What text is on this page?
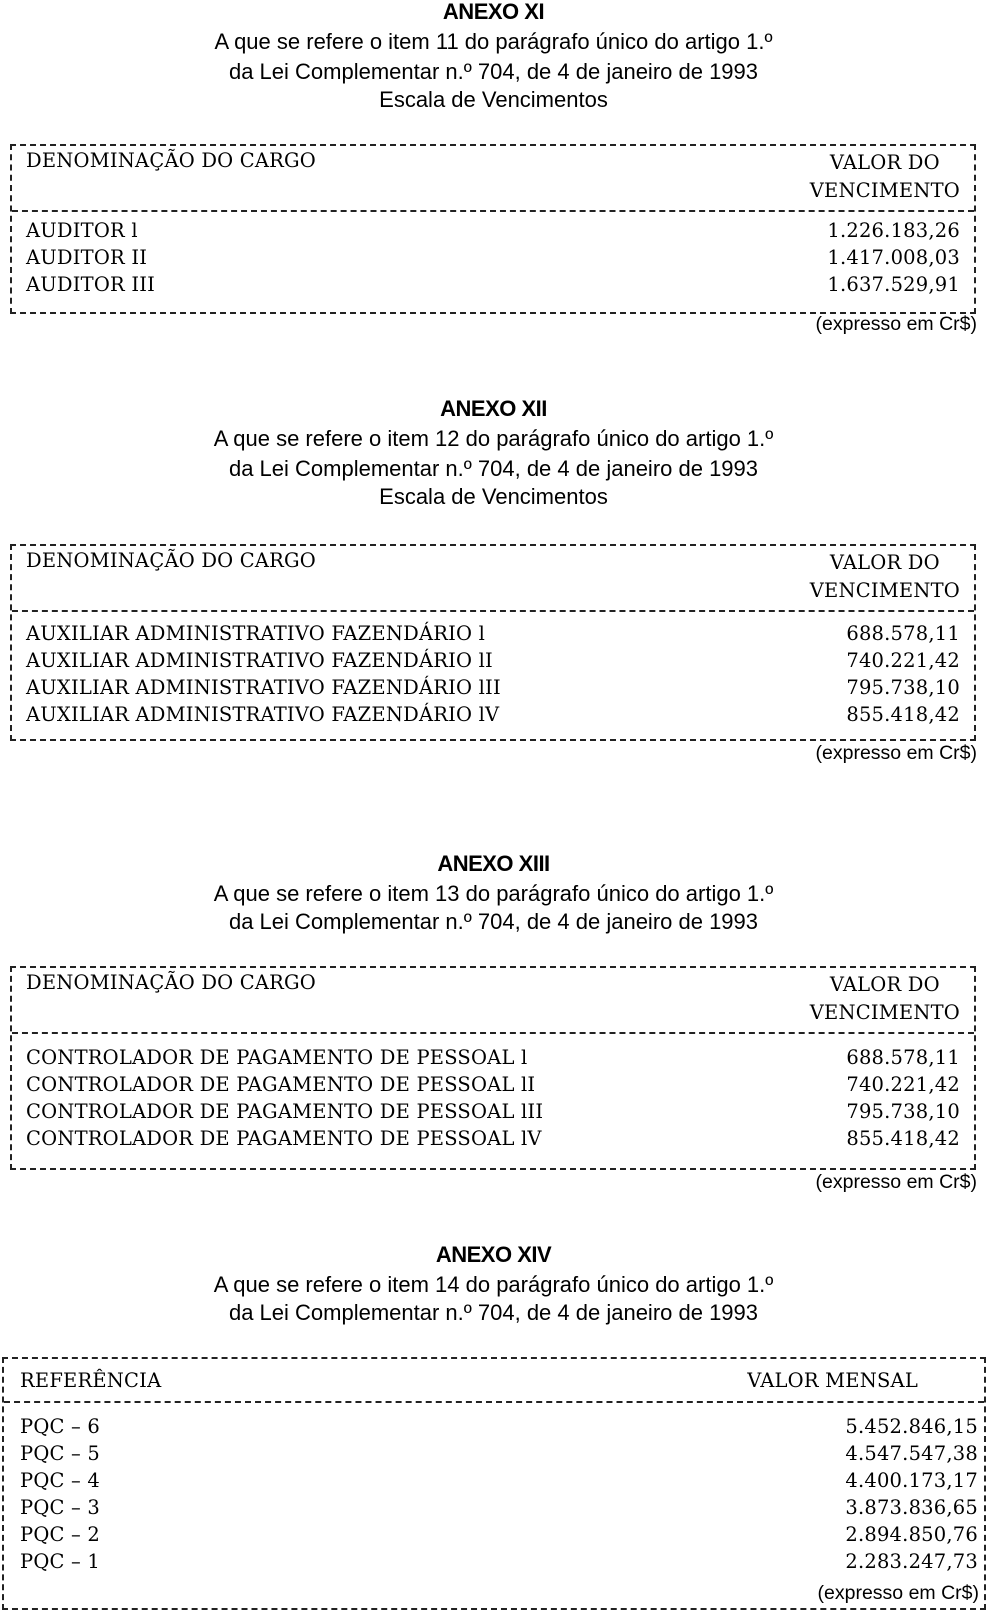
ANEXO XI
A que se refere o item 11 do parágrafo único do artigo 1.º
da Lei Complementar n.º 704, de 4 de janeiro de 1993
Escala de Vencimentos
DENOMINAÇÃO DO CARGO	VALOR DO
VENCIMENTO
AUDITOR l	1.226.183,26
AUDITOR II	1.417.008,03
AUDITOR III	1.637.529,91
(expresso em Cr$)
ANEXO XII
A que se refere o item 12 do parágrafo único do artigo 1.º
da Lei Complementar n.º 704, de 4 de janeiro de 1993
Escala de Vencimentos
DENOMINAÇÃO DO CARGO	VALOR DO
VENCIMENTO
AUXILIAR ADMINISTRATIVO FAZENDÁRIO l	688.578,11
AUXILIAR ADMINISTRATIVO FAZENDÁRIO lI	740.221,42
AUXILIAR ADMINISTRATIVO FAZENDÁRIO lII	795.738,10
AUXILIAR ADMINISTRATIVO FAZENDÁRIO lV	855.418,42
(expresso em Cr$)
ANEXO XIII
A que se refere o item 13 do parágrafo único do artigo 1.º
da Lei Complementar n.º 704, de 4 de janeiro de 1993
DENOMINAÇÃO DO CARGO	VALOR DO
VENCIMENTO
CONTROLADOR DE PAGAMENTO DE PESSOAL l	688.578,11
CONTROLADOR DE PAGAMENTO DE PESSOAL lI	740.221,42
CONTROLADOR DE PAGAMENTO DE PESSOAL lII	795.738,10
CONTROLADOR DE PAGAMENTO DE PESSOAL lV	855.418,42
(expresso em Cr$)
ANEXO XIV
A que se refere o item 14 do parágrafo único do artigo 1.º
da Lei Complementar n.º 704, de 4 de janeiro de 1993
REFERÊNCIA	VALOR MENSAL
PQC – 6	5.452.846,15
PQC – 5	4.547.547,38
PQC – 4	4.400.173,17
PQC – 3	3.873.836,65
PQC – 2	2.894.850,76
PQC – 1	2.283.247,73
(expresso em Cr$)
